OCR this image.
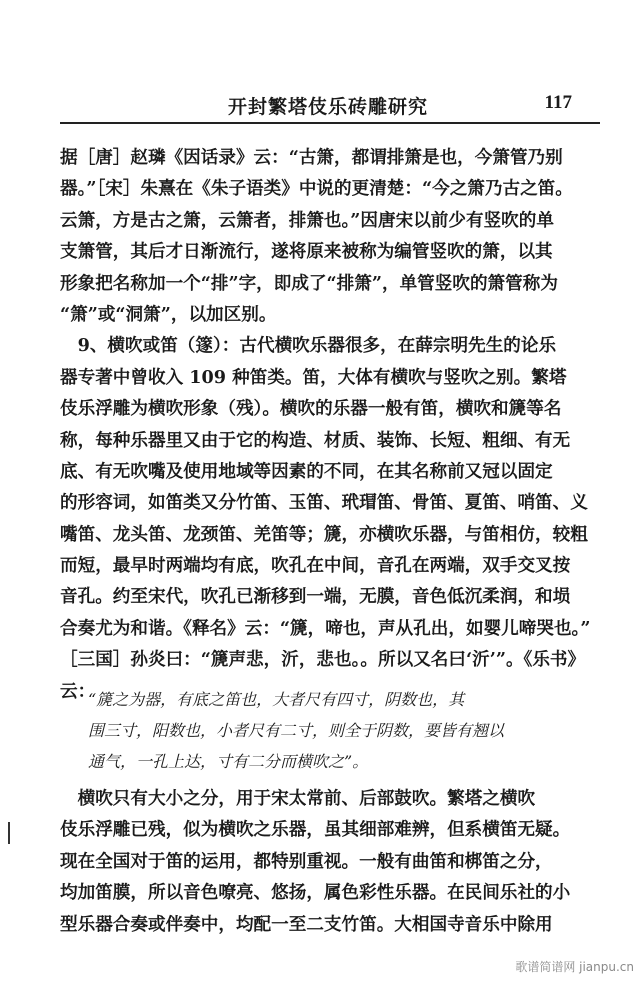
开封繁塔伎乐砖雕研究	117
据［唐］赵璘《因话录》云：“古箫，都谓排箫是也，今箫管乃别
器。”［宋］朱熹在《朱子语类》中说的更清楚：“今之箫乃古之笛。
云箫，方是古之箫，云箫者，排箫也。”因唐宋以前少有竖吹的单
支箫管，其后才日渐流行，遂将原来被称为编管竖吹的箫，以其
形象把名称加一个“排”字，即成了“排箫”，单管竖吹的箫管称为
“箫”或“洞箫”，以加区别。
　9、横吹或笛（篴）：古代横吹乐器很多，在薛宗明先生的论乐
器专著中曾收入 109 种笛类。笛，大体有横吹与竖吹之别。繁塔
伎乐浮雕为横吹形象（残）。横吹的乐器一般有笛，横吹和篪等名
称，每种乐器里又由于它的构造、材质、装饰、长短、粗细、有无
底、有无吹嘴及使用地域等因素的不同，在其名称前又冠以固定
的形容词，如笛类又分竹笛、玉笛、玳瑁笛、骨笛、夏笛、哨笛、义
嘴笛、龙头笛、龙颈笛、羌笛等；篪，亦横吹乐器，与笛相仿，较粗
而短，最早时两端均有底，吹孔在中间，音孔在两端，双手交叉按
音孔。约至宋代，吹孔已渐移到一端，无膜，音色低沉柔润，和埙
合奏尤为和谐。《释名》云：“篪，啼也，声从孔出，如婴儿啼哭也。”
［三国］孙炎曰：“篪声悲，沂，悲也。。所以又名曰‘沂’”。《乐书》
云：
“篪之为器，有底之笛也，大者尺有四寸，阴数也，其
围三寸，阳数也，小者尺有二寸，则全于阴数，要皆有翘以
通气，一孔上达，寸有二分而横吹之”。
　横吹只有大小之分，用于宋太常前、后部鼓吹。繁塔之横吹
伎乐浮雕已残，似为横吹之乐器，虽其细部难辨，但系横笛无疑。
现在全国对于笛的运用，都特别重视。一般有曲笛和梆笛之分，
均加笛膜，所以音色嘹亮、悠扬，属色彩性乐器。在民间乐社的小
型乐器合奏或伴奏中，均配一至二支竹笛。大相国寺音乐中除用
歌谱简谱网 jianpu.cn
